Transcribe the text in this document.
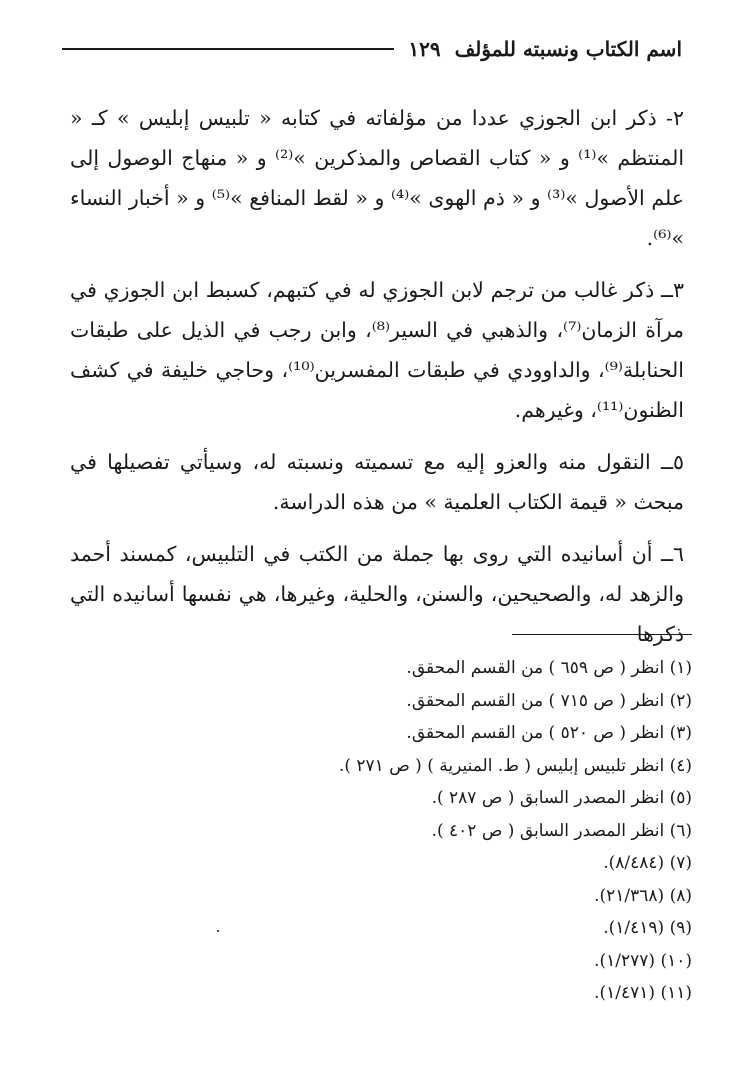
اسم الكتاب ونسبته للمؤلف
١٢٩

٢- ذكر ابن الجوزي عددا من مؤلفاته في كتابه « تلبيس إبليس » كـ « المنتظم »⁽¹⁾ و « كتاب القصاص والمذكرين »⁽²⁾ و « منهاج الوصول إلى علم الأصول »⁽³⁾ و « ذم الهوى »⁽⁴⁾ و « لقط المنافع »⁽⁵⁾ و « أخبار النساء »⁽⁶⁾.

٣ــ ذكر غالب من ترجم لابن الجوزي له في كتبهم، كسبط ابن الجوزي في مرآة الزمان⁽⁷⁾، والذهبي في السير⁽⁸⁾، وابن رجب في الذيل على طبقات الحنابلة⁽⁹⁾، والداوودي في طبقات المفسرين⁽¹⁰⁾، وحاجي خليفة في كشف الظنون⁽¹¹⁾، وغيرهم.

٥ــ النقول منه والعزو إليه مع تسميته ونسبته له، وسيأتي تفصيلها في مبحث « قيمة الكتاب العلمية » من هذه الدراسة.

٦ــ أن أسانيده التي روى بها جملة من الكتب في التلبيس، كمسند أحمد والزهد له، والصحيحين، والسنن، والحلية، وغيرها، هي نفسها أسانيده التي ذكرها

(١) انظر ( ص ٦٥٩ ) من القسم المحقق.

(٢) انظر ( ص ٧١٥ ) من القسم المحقق.

(٣) انظر ( ص ٥٢٠ ) من القسم المحقق.

(٤) انظر تلبيس إبليس ( ط. المنيرية ) ( ص ٢٧١ ).

(٥) انظر المصدر السابق ( ص ٢٨٧ ).

(٦) انظر المصدر السابق ( ص ٤٠٢ ).

(٧) (٨/٤٨٤).

(٨) (٢١/٣٦٨).

(٩) (١/٤١٩).

(١٠) (١/٢٧٧).

(١١) (١/٤٧١).
